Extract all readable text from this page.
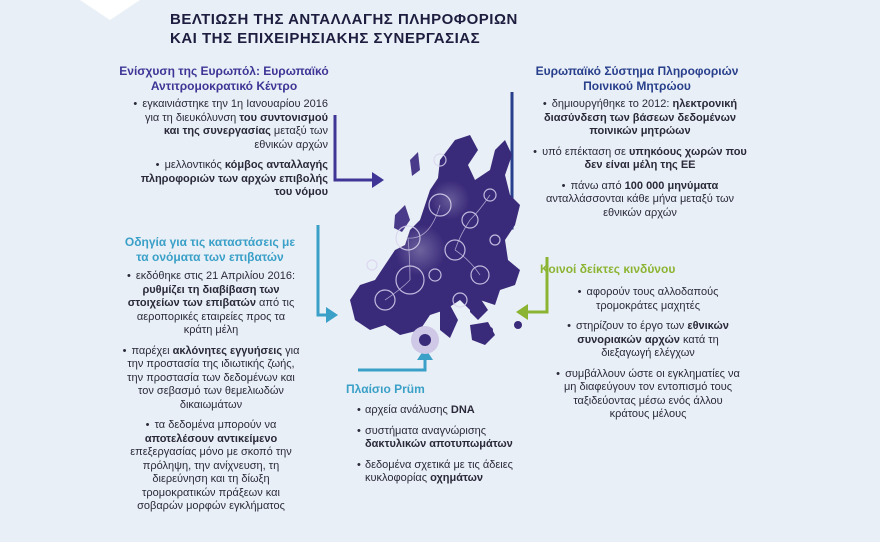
ΒΕΛΤΙΩΣΗ ΤΗΣ ΑΝΤΑΛΛΑΓΗΣ ΠΛΗΡΟΦΟΡΙΩΝ
ΚΑΙ ΤΗΣ ΕΠΙΧΕΙΡΗΣΙΑΚΗΣ ΣΥΝΕΡΓΑΣΙΑΣ
Ενίσχυση της Ευρωπόλ: Ευρωπαϊκό
Αντιτρομοκρατικό Κέντρο
• εγκαινιάστηκε την 1η Ιανουαρίου 2016
για τη διευκόλυνση του συντονισμού
και της συνεργασίας μεταξύ των
εθνικών αρχών
• μελλοντικός κόμβος ανταλλαγής
πληροφοριών των αρχών επιβολής
του νόμου
Ευρωπαϊκό Σύστημα Πληροφοριών
Ποινικού Μητρώου
• δημιουργήθηκε το 2012: ηλεκτρονική
διασύνδεση των βάσεων δεδομένων
ποινικών μητρώων
• υπό επέκταση σε υπηκόους χωρών που
δεν είναι μέλη της ΕΕ
• πάνω από 100 000 μηνύματα
ανταλλάσσονται κάθε μήνα μεταξύ των
εθνικών αρχών
Οδηγία για τις καταστάσεις με
τα ονόματα των επιβατών
• εκδόθηκε στις 21 Απριλίου 2016:
ρυθμίζει τη διαβίβαση των
στοιχείων των επιβατών από τις
αεροπορικές εταιρείες προς τα
κράτη μέλη
• παρέχει ακλόνητες εγγυήσεις για
την προστασία της ιδιωτικής ζωής,
την προστασία των δεδομένων και
τον σεβασμό των θεμελιωδών
δικαιωμάτων
• τα δεδομένα μπορούν να
αποτελέσουν αντικείμενο
επεξεργασίας μόνο με σκοπό την
πρόληψη, την ανίχνευση, τη
διερεύνηση και τη δίωξη
τρομοκρατικών πράξεων και
σοβαρών μορφών εγκλήματος
Κοινοί δείκτες κινδύνου
• αφορούν τους αλλοδαπούς
τρομοκράτες μαχητές
• στηρίζουν το έργο των εθνικών
συνοριακών αρχών κατά τη
διεξαγωγή ελέγχων
• συμβάλλουν ώστε οι εγκληματίες να
μη διαφεύγουν τον εντοπισμό τους
ταξιδεύοντας μέσω ενός άλλου
κράτους μέλους
Πλαίσιο Prüm
• αρχεία ανάλυσης DNA
• συστήματα αναγνώρισης
δακτυλικών αποτυπωμάτων
• δεδομένα σχετικά με τις άδειες
κυκλοφορίας οχημάτων
